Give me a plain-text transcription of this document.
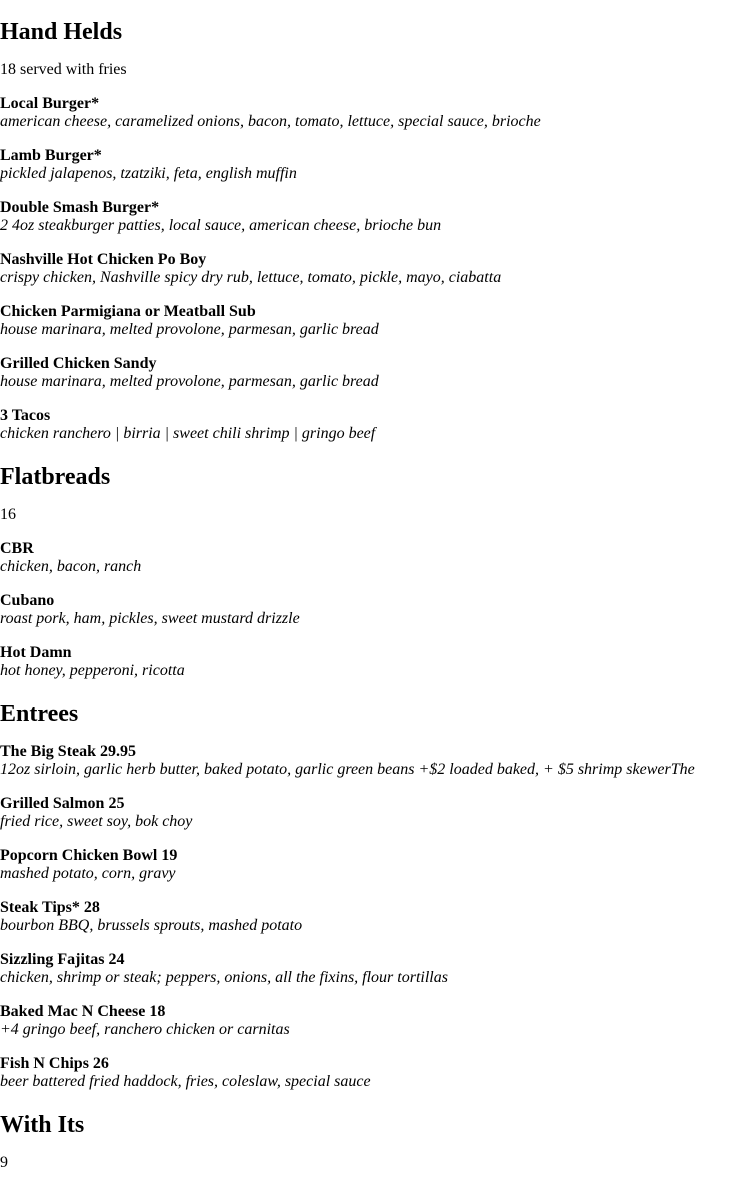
Hand Helds

18 served with fries

Local Burger*
american cheese, caramelized onions, bacon, tomato, lettuce, special sauce, brioche
Lamb Burger*
pickled jalapenos, tzatziki, feta, english muffin
Double Smash Burger*
2 4oz steakburger patties, local sauce, american cheese, brioche bun
Nashville Hot Chicken Po Boy
crispy chicken, Nashville spicy dry rub, lettuce, tomato, pickle, mayo, ciabatta
Chicken Parmigiana or Meatball Sub
house marinara, melted provolone, parmesan, garlic bread
Grilled Chicken Sandy
house marinara, melted provolone, parmesan, garlic bread
3 Tacos
chicken ranchero | birria | sweet chili shrimp | gringo beef
Flatbreads

16

CBR
chicken, bacon, ranch
Cubano
roast pork, ham, pickles, sweet mustard drizzle
Hot Damn
hot honey, pepperoni, ricotta
Entrees
The Big Steak 29.95
12oz sirloin, garlic herb butter, baked potato, garlic green beans +$2 loaded baked, + $5 shrimp skewerThe
Grilled Salmon 25
fried rice, sweet soy, bok choy
Popcorn Chicken Bowl 19
mashed potato, corn, gravy
Steak Tips* 28
bourbon BBQ, brussels sprouts, mashed potato
Sizzling Fajitas 24
chicken, shrimp or steak; peppers, onions, all the fixins, flour tortillas
Baked Mac N Cheese 18
+4 gringo beef, ranchero chicken or carnitas
Fish N Chips 26
beer battered fried haddock, fries, coleslaw, special sauce
With Its

9
